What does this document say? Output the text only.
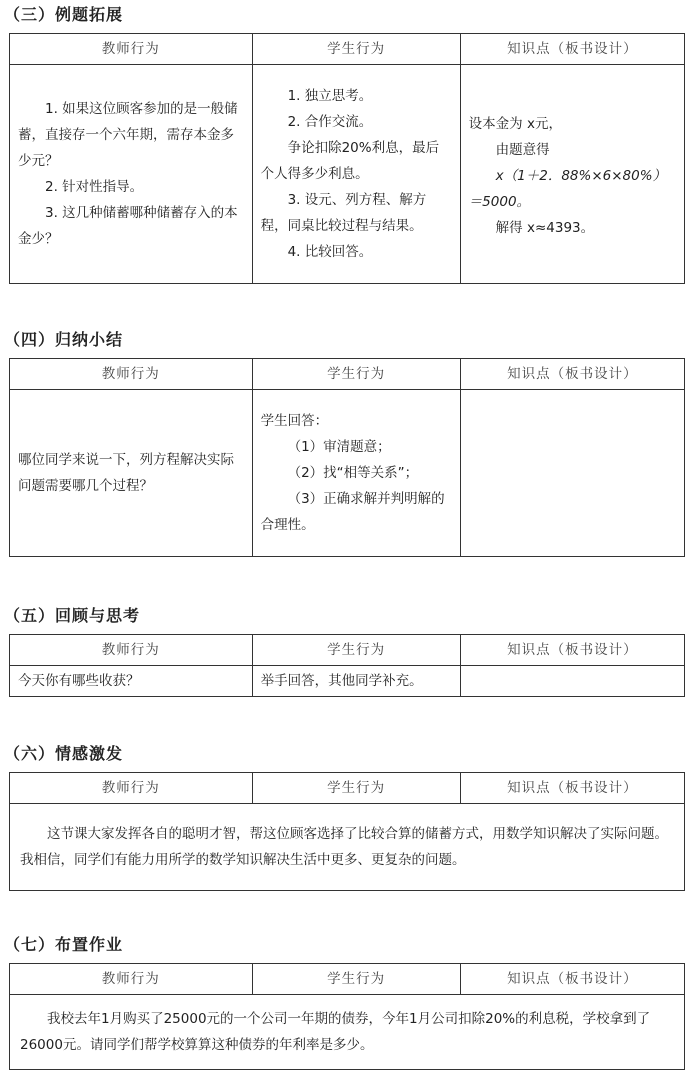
（三）例题拓展
教师行为	学生行为	知识点（板书设计）

1. 如果这位顾客参加的是一般储蓄，直接存一个六年期，需存本金多少元？
2. 针对性指导。
3. 这几种储蓄哪种储蓄存入的本金少？	1. 独立思考。
2. 合作交流。
争论扣除20%利息，最后个人得多少利息。
3. 设元、列方程、解方程，同桌比较过程与结果。
4. 比较回答。	设本金为 x元，
由题意得
x（1＋2．88%×6×80%）＝5000。
解得 x≈4393。
（四）归纳小结
教师行为	学生行为	知识点（板书设计）
哪位同学来说一下，列方程解决实际问题需要哪几个过程？	学生回答：
（1）审清题意；
（2）找“相等关系”；
（3）正确求解并判明解的合理性。	

（五）回顾与思考
教师行为	学生行为	知识点（板书设计）
今天你有哪些收获？	举手回答，其他同学补充。	
（六）情感激发
教师行为	学生行为	知识点（板书设计）
这节课大家发挥各自的聪明才智，帮这位顾客选择了比较合算的储蓄方式，用数学知识解决了实际问题。我相信，同学们有能力用所学的数学知识解决生活中更多、更复杂的问题。
（七）布置作业
教师行为	学生行为	知识点（板书设计）
我校去年1月购买了25000元的一个公司一年期的债券，今年1月公司扣除20%的利息税，学校拿到了26000元。请同学们帮学校算算这种债券的年利率是多少。
